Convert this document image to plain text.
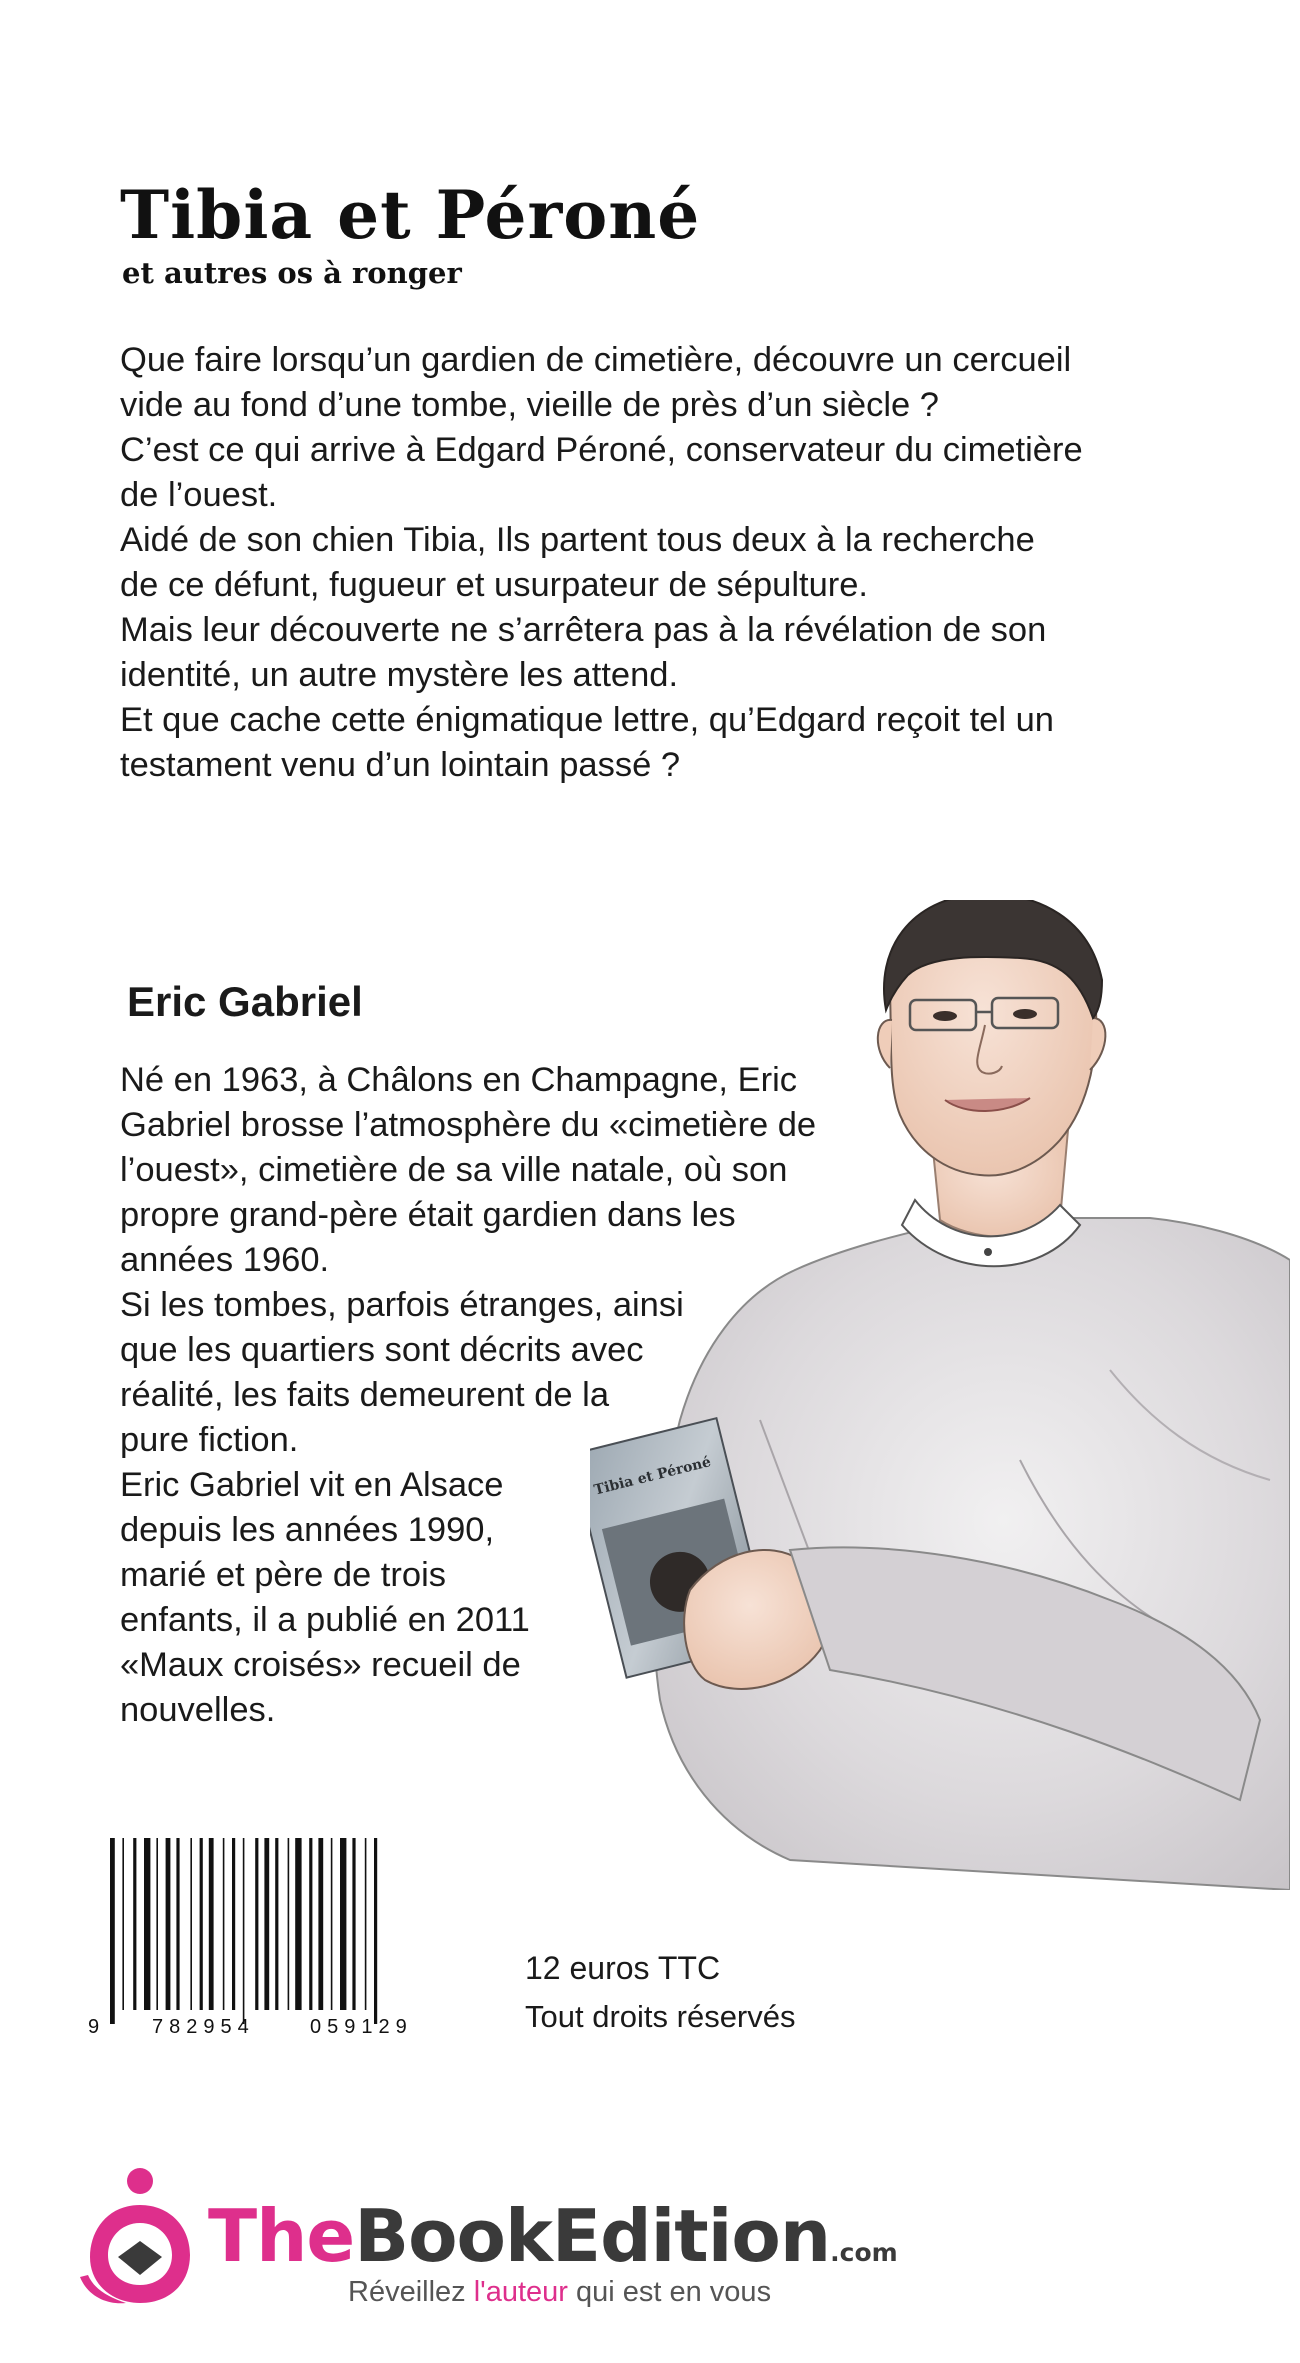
Tibia et Péroné
et autres os à ronger

Que faire lorsqu’un gardien de cimetière, découvre un cercueil

vide au fond d’une tombe, vieille de près d’un siècle ?

C’est ce qui arrive à Edgard Péroné, conservateur du cimetière

de l’ouest.

Aidé de son chien Tibia, Ils partent tous deux à la recherche

de ce défunt, fugueur et usurpateur de sépulture.

Mais leur découverte ne s’arrêtera pas à la révélation de son

identité, un autre mystère les attend.

Et que cache cette énigmatique lettre, qu’Edgard reçoit tel un

testament venu d’un lointain passé ?

Tibia et Péroné
Eric Gabriel

Né en 1963, à Châlons en Champagne, Eric

Gabriel brosse l’atmosphère du «cimetière de

l’ouest», cimetière de sa ville natale, où son

propre grand-père était gardien dans les

années 1960.

Si les tombes, parfois étranges, ainsi

que les quartiers sont décrits avec

réalité, les faits demeurent de la

pure fiction.

Eric Gabriel vit en Alsace

depuis les années 1990,

marié et père de trois

enfants, il a publié en 2011

«Maux croisés» recueil de

nouvelles.

9	782954	059129
12 euros TTC
Tout droits réservés
TheBookEdition.com
Réveillez l'auteur qui est en vous
